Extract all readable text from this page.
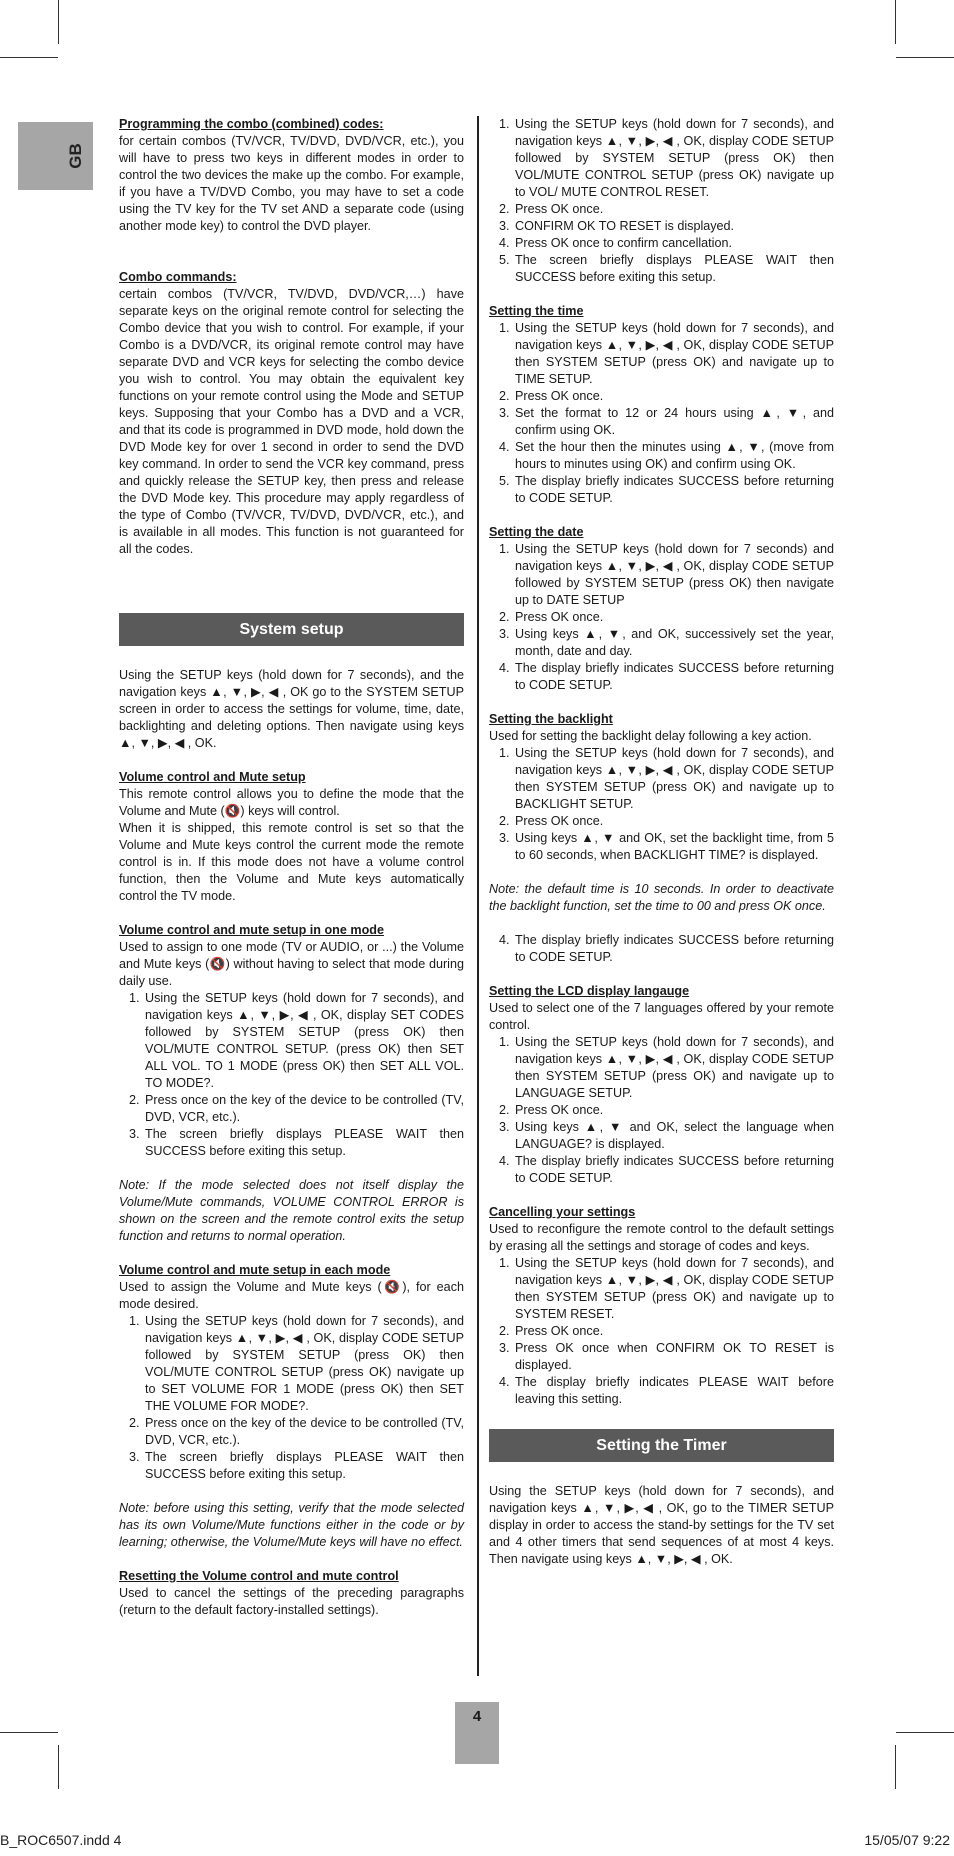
GB

Programming the combo (combined) codes:

for certain combos (TV/VCR, TV/DVD, DVD/VCR, etc.), you will have to press two keys in different modes in order to control the two devices the make up the combo. For example, if you have a TV/DVD Combo, you may have to set a code using the TV key for the TV set AND a separate code (using another mode key) to control the DVD player.

Combo commands:

certain combos (TV/VCR, TV/DVD, DVD/VCR,…) have separate keys on the original remote control for selecting the Combo device that you wish to control. For example, if your Combo is a DVD/VCR, its original remote control may have separate DVD and VCR keys for selecting the combo device you wish to control. You may obtain the equivalent key functions on your remote control using the Mode and SETUP keys. Supposing that your Combo has a DVD and a VCR, and that its code is programmed in DVD mode, hold down the DVD Mode key for over 1 second in order to send the DVD key command. In order to send the VCR key command, press and quickly release the SETUP key, then press and release the DVD Mode key. This procedure may apply regardless of the type of Combo (TV/VCR, TV/DVD, DVD/VCR, etc.), and is available in all modes. This function is not guaranteed for all the codes.

System setup

Using the SETUP keys (hold down for 7 seconds), and the navigation keys ▲, ▼, ▶, ◀ , OK go to the SYSTEM SETUP screen in order to access the settings for volume, time, date, backlighting and deleting options. Then navigate using keys ▲, ▼, ▶, ◀ , OK.

Volume control and Mute setup

This remote control allows you to define the mode that the Volume and Mute (🔇) keys will control.

When it is shipped, this remote control is set so that the Volume and Mute keys control the current mode the remote control is in. If this mode does not have a volume control function, then the Volume and Mute keys automatically control the TV mode.

Volume control and mute setup in one mode

Used to assign to one mode (TV or AUDIO, or ...) the Volume and Mute keys (🔇) without having to select that mode during daily use.

1. Using the SETUP keys (hold down for 7 seconds), and navigation keys ▲, ▼, ▶, ◀ , OK, display SET CODES followed by SYSTEM SETUP (press OK) then VOL/MUTE CONTROL SETUP. (press OK) then SET ALL VOL. TO 1 MODE (press OK) then SET ALL VOL. TO MODE?.
2. Press once on the key of the device to be controlled (TV, DVD, VCR, etc.).
3. The screen briefly displays PLEASE WAIT then SUCCESS before exiting this setup.

Note: If the mode selected does not itself display the Volume/Mute commands, VOLUME CONTROL ERROR is shown on the screen and the remote control exits the setup function and returns to normal operation.

Volume control and mute setup in each mode

Used to assign the Volume and Mute keys (🔇), for each mode desired.

1. Using the SETUP keys (hold down for 7 seconds), and navigation keys ▲, ▼, ▶, ◀ , OK, display CODE SETUP followed by SYSTEM SETUP (press OK) then VOL/MUTE CONTROL SETUP (press OK) navigate up to SET VOLUME FOR 1 MODE (press OK) then SET THE VOLUME FOR MODE?.
2. Press once on the key of the device to be controlled (TV, DVD, VCR, etc.).
3. The screen briefly displays PLEASE WAIT then SUCCESS before exiting this setup.

Note: before using this setting, verify that the mode selected has its own Volume/Mute functions either in the code or by learning; otherwise, the Volume/Mute keys will have no effect.

Resetting the Volume control and mute control

Used to cancel the settings of the preceding paragraphs (return to the default factory-installed settings).

1. Using the SETUP keys (hold down for 7 seconds), and navigation keys ▲, ▼, ▶, ◀ , OK, display CODE SETUP followed by SYSTEM SETUP (press OK) then VOL/MUTE CONTROL SETUP (press OK) navigate up to VOL/ MUTE CONTROL RESET.
2. Press OK once.
3. CONFIRM OK TO RESET is displayed.
4. Press OK once to confirm cancellation.
5. The screen briefly displays PLEASE WAIT then SUCCESS before exiting this setup.

Setting the time

1. Using the SETUP keys (hold down for 7 seconds), and navigation keys ▲, ▼, ▶, ◀ , OK, display CODE SETUP then SYSTEM SETUP (press OK) and navigate up to TIME SETUP.
2. Press OK once.
3. Set the format to 12 or 24 hours using ▲, ▼, and confirm using OK.
4. Set the hour then the minutes using ▲, ▼, (move from hours to minutes using OK) and confirm using OK.
5. The display briefly indicates SUCCESS before returning to CODE SETUP.

Setting the date

1. Using the SETUP keys (hold down for 7 seconds) and navigation keys ▲, ▼, ▶, ◀ , OK, display CODE SETUP followed by SYSTEM SETUP (press OK) then navigate up to DATE SETUP
2. Press OK once.
3. Using keys ▲, ▼, and OK, successively set the year, month, date and day.
4. The display briefly indicates SUCCESS before returning to CODE SETUP.

Setting the backlight

Used for setting the backlight delay following a key action.

1. Using the SETUP keys (hold down for 7 seconds), and navigation keys ▲, ▼, ▶, ◀ , OK, display CODE SETUP then SYSTEM SETUP (press OK) and navigate up to BACKLIGHT SETUP.
2. Press OK once.
3. Using keys ▲, ▼ and OK, set the backlight time, from 5 to 60 seconds, when BACKLIGHT TIME? is displayed.

Note: the default time is 10 seconds. In order to deactivate the backlight function, set the time to 00 and press OK once.

4. The display briefly indicates SUCCESS before returning to CODE SETUP.

Setting the LCD display langauge

Used to select one of the 7 languages offered by your remote control.

1. Using the SETUP keys (hold down for 7 seconds), and navigation keys ▲, ▼, ▶, ◀ , OK, display CODE SETUP then SYSTEM SETUP (press OK) and navigate up to LANGUAGE SETUP.
2. Press OK once.
3. Using keys ▲, ▼ and OK, select the language when LANGUAGE? is displayed.
4. The display briefly indicates SUCCESS before returning to CODE SETUP.

Cancelling your settings

Used to reconfigure the remote control to the default settings by erasing all the settings and storage of codes and keys.

1. Using the SETUP keys (hold down for 7 seconds), and navigation keys ▲, ▼, ▶, ◀ , OK, display CODE SETUP then SYSTEM SETUP (press OK) and navigate up to SYSTEM RESET.
2. Press OK once.
3. Press OK once when CONFIRM OK TO RESET is displayed.
4. The display briefly indicates PLEASE WAIT before leaving this setting.
Setting the Timer

Using the SETUP keys (hold down for 7 seconds), and navigation keys ▲, ▼, ▶, ◀ , OK, go to the TIMER SETUP display in order to access the stand-by settings for the TV set and 4 other timers that send sequences of at most 4 keys. Then navigate using keys ▲, ▼, ▶, ◀ , OK.

4
B_ROC6507.indd 4	15/05/07 9:22
